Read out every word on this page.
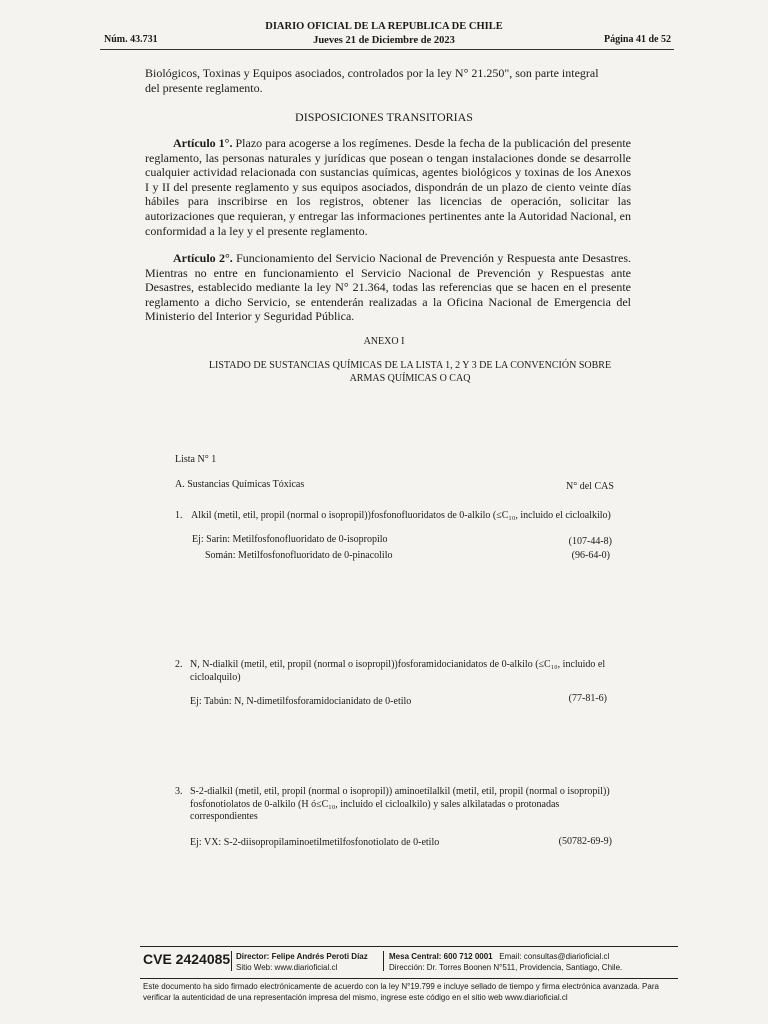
Núm. 43.731
DIARIO OFICIAL DE LA REPUBLICA DE CHILE
Jueves 21 de Diciembre de 2023	Página 41 de 52
Biológicos, Toxinas y Equipos asociados, controlados por la ley N° 21.250", son parte integral
del presente reglamento.
DISPOSICIONES TRANSITORIAS
Artículo 1°. Plazo para acogerse a los regímenes. Desde la fecha de la publicación del presente reglamento, las personas naturales y jurídicas que posean o tengan instalaciones donde se desarrolle cualquier actividad relacionada con sustancias químicas, agentes biológicos y toxinas de los Anexos I y II del presente reglamento y sus equipos asociados, dispondrán de un plazo de ciento veinte días hábiles para inscribirse en los registros, obtener las licencias de operación, solicitar las autorizaciones que requieran, y entregar las informaciones pertinentes ante la Autoridad Nacional, en conformidad a la ley y el presente reglamento.
Artículo 2°. Funcionamiento del Servicio Nacional de Prevención y Respuesta ante Desastres. Mientras no entre en funcionamiento el Servicio Nacional de Prevención y Respuestas ante Desastres, establecido mediante la ley N° 21.364, todas las referencias que se hacen en el presente reglamento a dicho Servicio, se entenderán realizadas a la Oficina Nacional de Emergencia del Ministerio del Interior y Seguridad Pública.
ANEXO I
LISTADO DE SUSTANCIAS QUÍMICAS DE LA LISTA 1, 2 Y 3 DE LA CONVENCIÓN SOBRE
ARMAS QUÍMICAS O CAQ
Lista N° 1
A. Sustancias Químicas Tóxicas	N° del CAS
1. Alkil (metil, etil, propil (normal o isopropil))fosfonofluoridatos de 0-alkilo (≤C₁₀, incluido el cicloalkilo)
Ej: Sarin: Metilfosfonofluoridato de 0-isopropilo	(107-44-8)
Somán: Metilfosfonofluoridato de 0-pinacolilo	(96-64-0)
2. N, N-dialkil (metil, etil, propil (normal o isopropil))fosforamidocianidatos de 0-alkilo (≤C₁₀, incluido el
cicloalquilo)
Ej: Tabún: N, N-dimetilfosforamidocianidato de 0-etilo	(77-81-6)
3. S-2-dialkil (metil, etil, propil (normal o isopropil)) aminoetilalkil (metil, etil, propil (normal o isopropil))
fosfonotiolatos de 0-alkilo (H ó≤C₁₀, incluido el cicloalkilo) y sales alkilatadas o protonadas
correspondientes
Ej: VX: S-2-diisopropilaminoetilmetilfosfonotiolato de 0-etilo	(50782-69-9)
CVE 2424085 Director: Felipe Andrés Peroti Díaz
Sitio Web: www.diarioficial.cl
Mesa Central: 600 712 0001 Email: consultas@diarioficial.cl
Dirección: Dr. Torres Boonen N°511, Providencia, Santiago, Chile.
Este documento ha sido firmado electrónicamente de acuerdo con la ley N°19.799 e incluye sellado de tiempo y firma electrónica avanzada. Para verificar la autenticidad de una representación impresa del mismo, ingrese este código en el sitio web www.diarioficial.cl
